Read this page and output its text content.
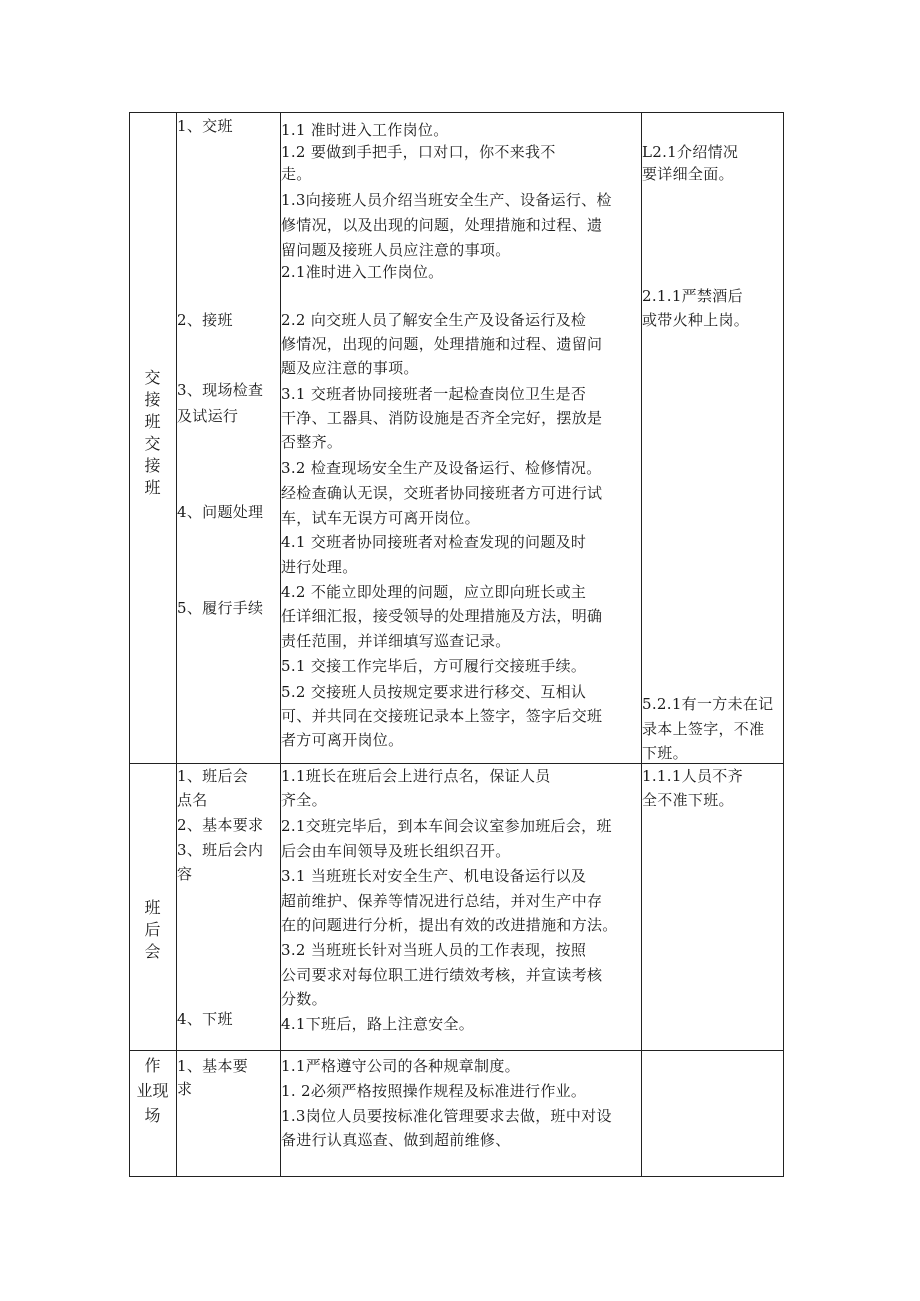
交
接
班
交
接
班
1、交班
2、接班
3、现场检查
及试运行
4、问题处理
5、履行手续
1.1 准时进入工作岗位。
1.2 要做到手把手，口对口，你不来我不
走。
1.3向接班人员介绍当班安全生产、设备运行、检
修情况，以及出现的问题，处理措施和过程、遗
留问题及接班人员应注意的事项。
2.1准时进入工作岗位。
2.2 向交班人员了解安全生产及设备运行及检
修情况，出现的问题，处理措施和过程、遗留问
题及应注意的事项。
3.1 交班者协同接班者一起检查岗位卫生是否
干净、工器具、消防设施是否齐全完好，摆放是
否整齐。
3.2 检查现场安全生产及设备运行、检修情况。
经检查确认无误，交班者协同接班者方可进行试
车，试车无误方可离开岗位。
4.1 交班者协同接班者对检查发现的问题及时
进行处理。
4.2 不能立即处理的问题，应立即向班长或主
任详细汇报，接受领导的处理措施及方法，明确
责任范围，并详细填写巡查记录。
5.1 交接工作完毕后，方可履行交接班手续。
5.2 交接班人员按规定要求进行移交、互相认
可、并共同在交接班记录本上签字，签字后交班
者方可离开岗位。
L2.1介绍情况
要详细全面。
2.1.1严禁酒后
或带火种上岗。
5.2.1有一方未在记
录本上签字，不准
下班。
班
后
会
1、班后会
点名
2、基本要求
3、班后会内
容
4、下班
1.1班长在班后会上进行点名，保证人员
齐全。
2.1交班完毕后，到本车间会议室参加班后会，班
后会由车间领导及班长组织召开。
3.1 当班班长对安全生产、机电设备运行以及
超前维护、保养等情况进行总结，并对生产中存
在的问题进行分析，提出有效的改进措施和方法。
3.2 当班班长针对当班人员的工作表现，按照
公司要求对每位职工进行绩效考核，并宣读考核
分数。
4.1下班后，路上注意安全。
1.1.1人员不齐
全不准下班。
作
业现
场
1、基本要
求
1.1严格遵守公司的各种规章制度。
1. 2必须严格按照操作规程及标准进行作业。
1.3岗位人员要按标准化管理要求去做，班中对设
备进行认真巡查、做到超前维修、
